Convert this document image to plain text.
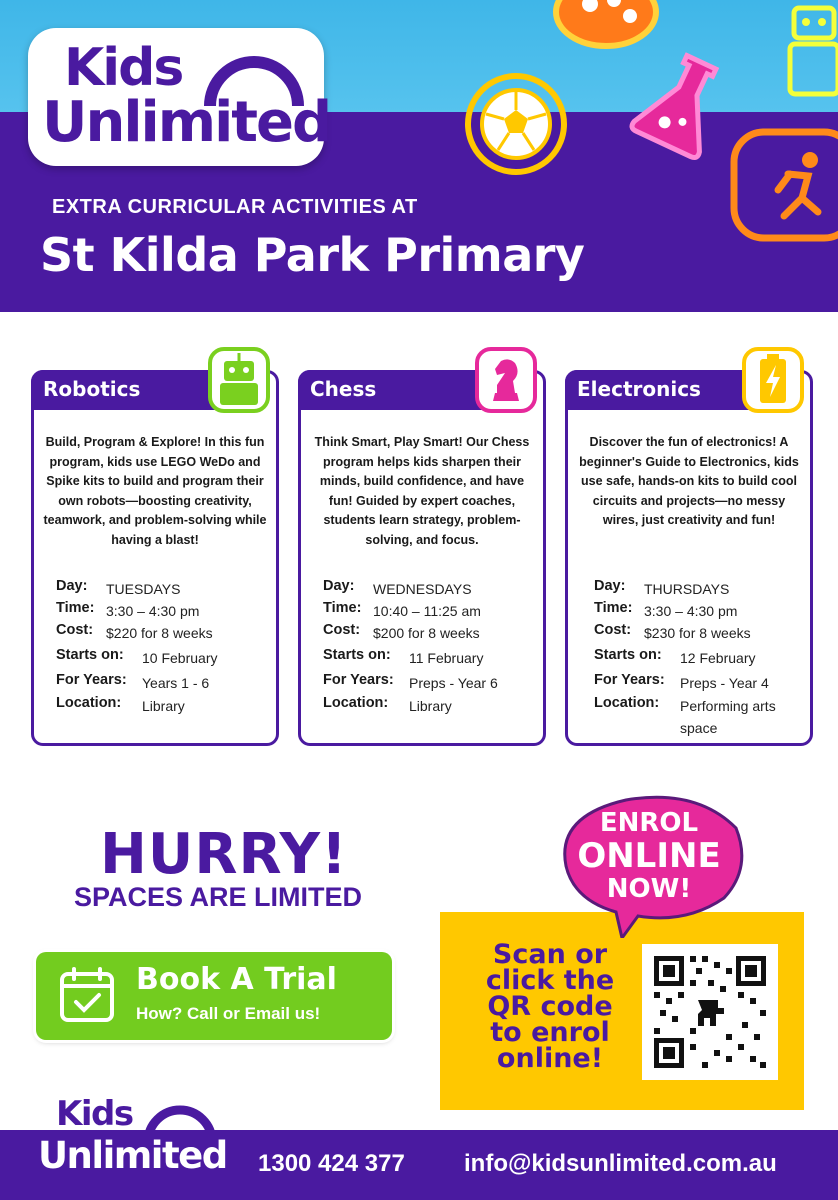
Kids
Unlimited
EXTRA CURRICULAR ACTIVITIES AT
St Kilda Park Primary
Robotics
Build, Program & Explore! In this fun program, kids use LEGO WeDo and Spike kits to build and program their own robots—boosting creativity, teamwork, and problem-solving while having a blast!
Day: TUESDAYS
Time: 3:30 – 4:30 pm
Cost: $220 for 8 weeks
Starts on: 10 February
For Years: Years 1 - 6
Location: Library
Chess
Think Smart, Play Smart! Our Chess program helps kids sharpen their minds, build confidence, and have fun! Guided by expert coaches, students learn strategy, problem-solving, and focus.
Day: WEDNESDAYS
Time: 10:40 – 11:25 am
Cost: $200 for 8 weeks
Starts on: 11 February
For Years: Preps - Year 6
Location: Library
Electronics
Discover the fun of electronics! A beginner's Guide to Electronics, kids use safe, hands-on kits to build cool circuits and projects—no messy wires, just creativity and fun!
Day: THURSDAYS
Time: 3:30 – 4:30 pm
Cost: $230 for 8 weeks
Starts on: 12 February
For Years: Preps - Year 4
Location: Performing arts space
HURRY!
SPACES ARE LIMITED
Book A Trial
How? Call or Email us!
Scan or click the QR code to enrol online!
ENROL
ONLINE
NOW!
Kids
Unlimited 1300 424 377 info@kidsunlimited.com.au
